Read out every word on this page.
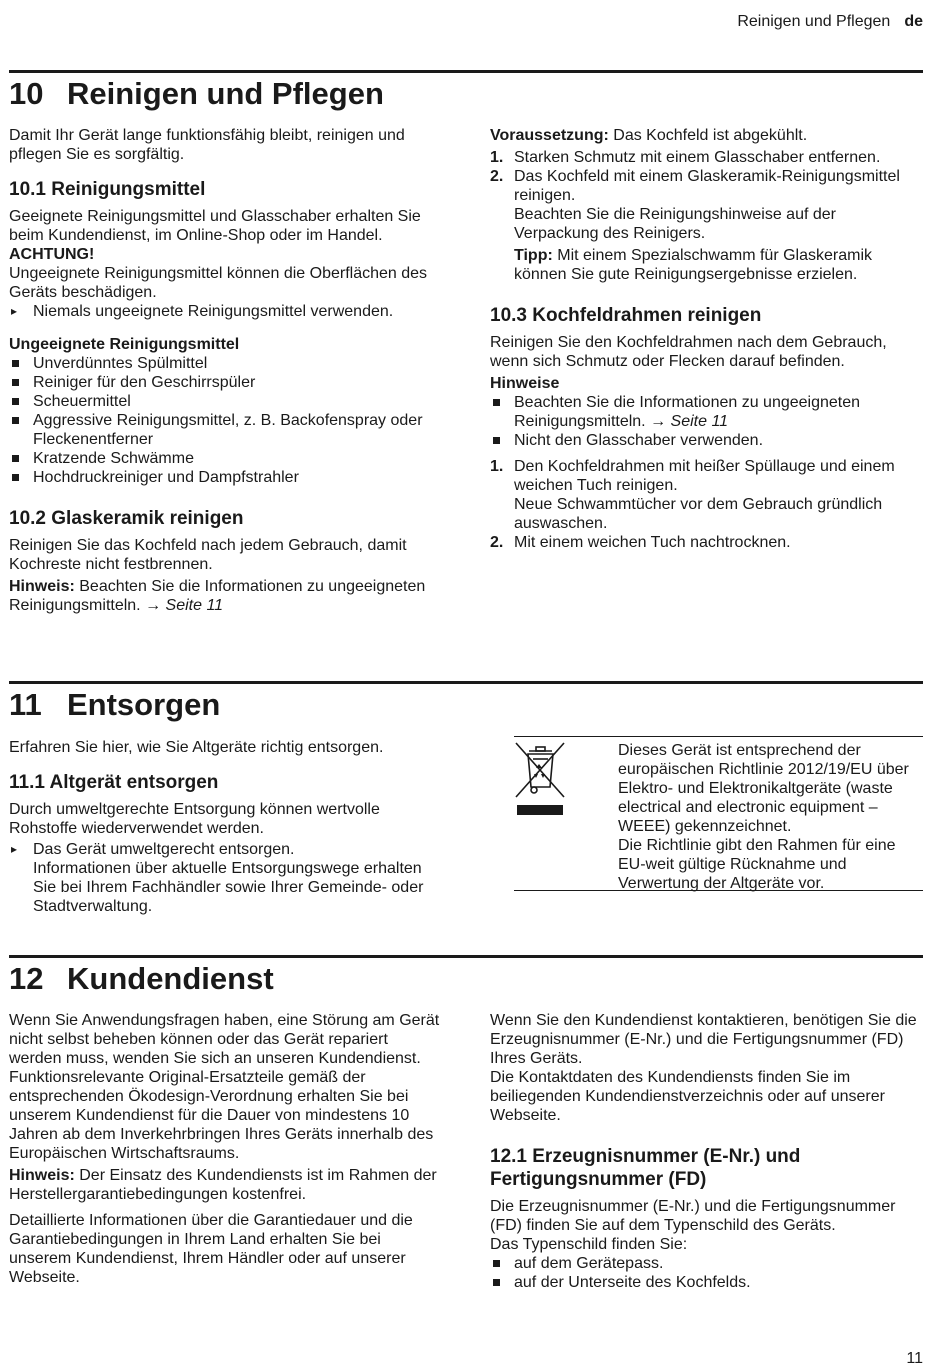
Reinigen und Pflegen de
10 Reinigen und Pflegen

Damit Ihr Gerät lange funktionsfähig bleibt, reinigen und pflegen Sie es sorgfältig.

10.1 Reinigungsmittel

Geeignete Reinigungsmittel und Glasschaber erhalten Sie beim Kundendienst, im Online-Shop oder im Handel.

ACHTUNG!

Ungeeignete Reinigungsmittel können die Oberflächen des Geräts beschädigen.

▸ Niemals ungeeignete Reinigungsmittel verwenden.

Ungeeignete Reinigungsmittel

Unverdünntes Spülmittel
Reiniger für den Geschirrspüler
Scheuermittel
Aggressive Reinigungsmittel, z. B. Backofenspray oder Fleckenentferner
Kratzende Schwämme
Hochdruckreiniger und Dampfstrahler
10.2 Glaskeramik reinigen

Reinigen Sie das Kochfeld nach jedem Gebrauch, damit Kochreste nicht festbrennen.

Hinweis: Beachten Sie die Informationen zu ungeeigneten Reinigungsmitteln. → Seite 11

Voraussetzung: Das Kochfeld ist abgekühlt.

1. Starken Schmutz mit einem Glasschaber entfernen.
2. Das Kochfeld mit einem Glaskeramik-Reinigungsmittel reinigen.

Beachten Sie die Reinigungshinweise auf der Verpackung des Reinigers.

Tipp: Mit einem Spezialschwamm für Glaskeramik können Sie gute Reinigungsergebnisse erzielen.

10.3 Kochfeldrahmen reinigen

Reinigen Sie den Kochfeldrahmen nach dem Gebrauch, wenn sich Schmutz oder Flecken darauf befinden.

Hinweise

Beachten Sie die Informationen zu ungeeigneten Reinigungsmitteln. → Seite 11
Nicht den Glasschaber verwenden.
1. Den Kochfeldrahmen mit heißer Spüllauge und einem weichen Tuch reinigen.

Neue Schwammtücher vor dem Gebrauch gründlich auswaschen.

2. Mit einem weichen Tuch nachtrocknen.
11 Entsorgen

Erfahren Sie hier, wie Sie Altgeräte richtig entsorgen.

11.1 Altgerät entsorgen

Durch umweltgerechte Entsorgung können wertvolle Rohstoffe wiederverwendet werden.

▸ Das Gerät umweltgerecht entsorgen.

Informationen über aktuelle Entsorgungswege erhalten Sie bei Ihrem Fachhändler sowie Ihrer Gemeinde- oder Stadtverwaltung.

Dieses Gerät ist entsprechend der europäischen Richtlinie 2012/19/EU über Elektro- und Elektronikaltgeräte (waste electrical and electronic equipment – WEEE) gekennzeichnet.

Die Richtlinie gibt den Rahmen für eine EU-weit gültige Rücknahme und Verwertung der Altgeräte vor.

12 Kundendienst

Wenn Sie Anwendungsfragen haben, eine Störung am Gerät nicht selbst beheben können oder das Gerät repariert werden muss, wenden Sie sich an unseren Kundendienst.

Funktionsrelevante Original-Ersatzteile gemäß der entsprechenden Ökodesign-Verordnung erhalten Sie bei unserem Kundendienst für die Dauer von mindestens 10 Jahren ab dem Inverkehrbringen Ihres Geräts innerhalb des Europäischen Wirtschaftsraums.

Hinweis: Der Einsatz des Kundendiensts ist im Rahmen der Herstellergarantiebedingungen kostenfrei.

Detaillierte Informationen über die Garantiedauer und die Garantiebedingungen in Ihrem Land erhalten Sie bei unserem Kundendienst, Ihrem Händler oder auf unserer Webseite.

Wenn Sie den Kundendienst kontaktieren, benötigen Sie die Erzeugnisnummer (E-Nr.) und die Fertigungsnummer (FD) Ihres Geräts.

Die Kontaktdaten des Kundendiensts finden Sie im beiliegenden Kundendienstverzeichnis oder auf unserer Webseite.

12.1 Erzeugnisnummer (E-Nr.) und Fertigungsnummer (FD)

Die Erzeugnisnummer (E-Nr.) und die Fertigungsnummer (FD) finden Sie auf dem Typenschild des Geräts.

Das Typenschild finden Sie:

auf dem Gerätepass.
auf der Unterseite des Kochfelds.
11
